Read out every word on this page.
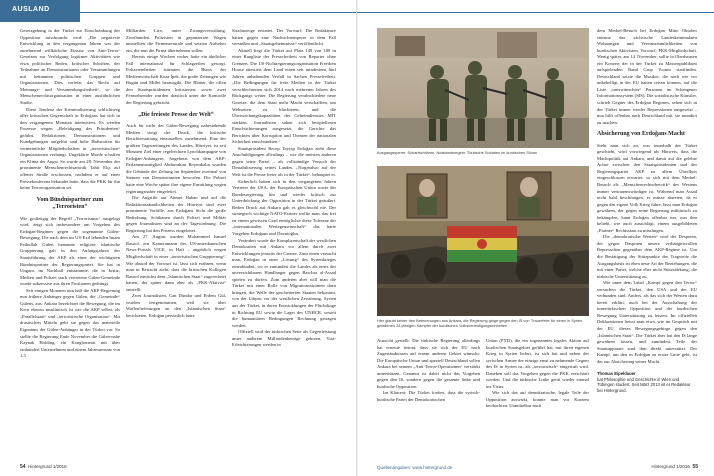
AUSLAND

Gesetzgebung in der Türkei zur Einschränkung der Opposition missbraucht wird: „Die negativste Entwicklung in den vergangenen Jahren war der zunehmend willkürliche Einsatz von Anti-Terror-Gesetzen zur Verfolgung legitimer Aktivitäten wie etwa politischer Reden, kritischer Schriften, der Teilnahme an Demonstrationen oder Versammlungen mit bekannten politischen Gruppen und Organisationen. Dies verletzt das Recht auf Meinungs- und Versammlungsfreiheit“, so die Menschenrechtsorganisation in einer ausführlichen Studie.

Diese Tendenz der Kriminalisierung schlichtweg aller kritischen Gegenschaft in Erdoğans hat sich in den vergangenen Monaten intensiviert. Es werden Prozesse wegen „Beleidigung des Präsidenten“ geführt, Redaktionen, Demonstrationen und Kundgebungen aufgelöst und hohe Haftstrafen für vermeintliche Mitgliedschaften in „terroristischen“ Organisationen verhängt. Ungeklärte Morde schaffen ein Klima der Angst. So wurde am 28. November der prominente Menschenrechtsanwalt Tahir Elçi auf offener Straße erschossen, nachdem er auf einer Pressekonferenz bekundet hatte, dass die PKK für ihn keine Terrororganisation sei.

Vom Bündnispartner zum „Terroristen“

Wie großzügig der Begriff „Terrorismus“ ausgelegt wird, zeigt sich insbesondere am Vorgehen des Erdoğan-Regimes gegen die sogenannte Gülen-Bewegung. Die nach dem im US-Exil lebenden Imam Fethullah Gülen benannte religiöse islamische Gruppierung galt in den Anfangsjahren der Staatsführung der AKP als einer der wichtigsten Bündnispartner der Regierungspartei. Sie hat in Ungarn, im Nachhall entstammte, die in Justiz, Medien und Polizei stark vertretene Gülen-Gemeinde wurde sukzessive aus ihren Positionen gedrängt.

Seit einigen Monaten nun hält die AKP-Regierung nun frühere Anhänger gegen Gülen, die „Gemeinde“ Gülens, aus. Ankara bezeichnet die Bewegung, die im Kern ebenso muslimisch ist wie die AKP selbst, als „Parallelstaat“ und „terroristische Organisation“. Mit drastischen Mitteln geht sie gegen das materielle Eigentum der Gülen-Anhänger in der Türkei vor. So stellte die Regierung Ende November die Gülen-nahe Kaynak Holding, ein Konglomerat mit über einhundert Unternehmen und einem Jahresumsatz von 1,5

Milliarden Lira, unter Zwangsverwaltung. Zweihundert Polizisten in gepanzerten Wagen umstellten die Firmenzentrale und setzten Aufseher ein, die nun die Firma übernehmen sollen.

Bereits einige Wochen vorher hatte ein ähnlicher Fall international für Schlagzeilen gesorgt. Polizeieinheiten stürmten die Büros der Medienwirtschaft Koza İpek, die große Zeitungen wie Bugün und Millet herausgibt. Die Blätter, die offen den Staatspräsidenten kritisierten, sowie zwei Fernsehsender wurden drastisch unter die Kontrolle der Regierung gebracht.

„Die freieste Presse der Welt“

Auch für nicht der Gülen-Bewegung nahestehende Medien steigt der Druck, die kritische Berichterstattung einzustellen, zunehmend. Eine der größten Tageszeitungen des Landes, Hürriyet, ist seit Monaten Ziel einer regelrechten Lynchkampagne von Erdoğan-Anhängern. Angeheizt von dem AKP-Parlamentsmitglied Abdurrahim Boynukalın wurden die Gebäude der Zeitung im September zweimal von Steinen von Demonstranten beworfen. Die Polizei hatte eine Woche später ihre eigene Ermittlung wegen regierungsnaher eingeleitet.

Die Angriffe auf Ahmet Hakan und auf die Redaktionsräumlichkeiten der Hürriyet sind zwei prominente Vorfälle, aus Erdoğans Sicht die große Bedrohung. Schikanen durch Polizei und Militär gegen Journalisten sind an der Tagesordnung. Die Regierung hat den Prozess eingeleitet.

Am 27. August wurden Mohammed Ismael Rasool, ein Kameramann des US-amerikanischen News-Portals VICE, in Haft – angeblich wegen Mitgliedschaft in einer „terroristischen Gruppierung“. Wie absurd der Vorwurf ist, lässt sich erahnen, wenn man in Betracht zieht, dass die britischen Kollegen Rasool zunächst dem „Islamischen Staat“ zugerechnet hatten, der später dann aber als „PKK-Aktivist“ entstellt.

Zwei Journalisten, Can Dündar und Erdem Gül, wurden festgenommen, weil sie über Waffenlieferungen an den „Islamischen Staat“ berichteten. Erdoğan persönlich hatte

Strafanzeige erstattet. Der Vorwurf: Die Redakteure hätten gegen eine Nachrichtensperre in dem Fall verstoßen und „Staatsgeheimnisse“ veröffentlicht.

Aktuell liegt die Türkei auf Platz 149 von 180 in einer Rangliste der Pressefreiheit von Reporter ohne Grenzen. Die US-Nichtregierungsorganisation Freedom House attestiert dem Land einen seit mindestens fünf Jahren anhaltenden Verfall in Sachen Pressefreiheit. „Die Bedingungen für freie Medien in der Türkei verschlechterten sich 2014 nach mehreren Jahren des Rückgangs weiter. Die Regierung verabschiedete neue Gesetze, die dem Staat mehr Macht verschafften, um Webseiten zu blockieren, und die Überwachungskapazitäten des Geheimdienstes MİT stärkten. Journalisten sahen sich beispiellosen Einschüchterungen ausgesetzt, die Gerichte das Berichten über Korruption und Themen der nationalen Sicherheit einschränkten.“

Staatspräsident Recep Tayyip Erdoğan zieht diese Anschuldigungen allerdings – wie die meisten anderen gegen seine Partei – als vollständige Versuch der Destabilisierung seines Landes. „Nirgendwo auf der Welt ist die Presse freier als in der Türkei“, behauptet er.

Sicherlich haben sich in den vergangenen Jahren Vertreter der USA, der Europäischen Union sowie der Bundesregierung hin und wieder kritisch zur Unterdrückung der Opposition in der Türkei geäußert. Reden Druck auf Ankara gab es gleichwohl nie. Der strategisch wichtige NATO-Partner wollte man, das frei zu einem gewissen Grad ermöglichte diese Toleranz der „internationalen Wertegemeinschaft“ das harte Vorgehen Erdoğans und Davutoğlus.

Verändert wurde die Komplizenschaft der westlichen Demokratien mit Ankara vor allem durch zwei Entwicklungen jenseits der Grenze. Zum einen versucht man, Erdoğan in einer „Lösung“ des Syrienkrieges einzubinden, wo er zumindest die Landes als eines der unverzichtbaren Handlanger gegen Baschar al-Assad spielen zu dürfen. Zum anderen aber will man die Türkei mit einer Rolle von Migrationsströmen dazu bringen, die Welle der gescheiterten Staaten bekommt, von der Libyen vor der westlichen Zerstörung, Syrien aus der Türkei, in deren Entwicklungen der Flüchtlinge in Richtung EU sowie die Lager des UNHCR, soweit die humanitären Bedingungen Rechnung getragen werden.

Offiziell wird der türkischen Seite als Gegenleistung unter anderem Milliardenbeträge geboten, Visa-Erleichterungen werden in

54 Hintergrund 1/2016
Ausgangssperre. Scharfschützen. Notstandsregeln: Türkische Soldaten im kurdischen Silvan
Hier glaubt keiner den Beteuerungen aus Ankara, die Regierung ginge gegen den IS vor: Trauerfeier für einen in Syrien gefallenen 24-jährigen Kämpfer der kurdischen Volksverteidigungseinheiten

Aussicht gestellt. Die türkische Regierung allerdings hat erneute betont, dass sie sich der EU nach Zugeständnissen auf einem anderen Gebiet wünscht: Die Europäische Union und speziell Deutschland sollen Ankara bei seinem „Anti-Terror-Operationen“ verstärkt unterstützen. Genannt ist dabei nicht das Vorgehen gegen den IS, sondern gegen die gesamte linke und kurdische Opposition.

Im Klartext: Die Türkei fordert, dass die syrisch-kurdische Partei der Demokratischen

Union (PYD), die ein sogenanntes legales Aktion auf kurdischen Staatsgebiet geführt hat, mit ihren eigenen Krieg in Syrien liefert, ist sich hat und neben der syrischen Armee der einzige ernst zu nehmende Gegner des IS in Syrien ist, als „terroristisch“ eingestuft wird. Daneben soll das Vorgehen gegen die PKK verschärft werden. Und die türkische Linke gerät wieder einmal ins Visier.

Wie sich das auf demokratische, legale Teile der Opposition auswirkt, konnte man vor Kurzem beobachten. Unmittelbar nach

dem Merkel-Besuch bei Erdoğan Mitte Oktober stürmte das sächsische Landeskriminalamt Wohnungen und Vereinsräumlichkeiten von kurdischen Aktivisten. Vorwurf: PKK-Mitgliedschaft. Wenig später, am 14. November, sollte in Oberhausen ein Konzert der in der Türkei zu Massenpublikum aufspielenden Band Grup Yorum stattfinden. Deutschland setzte die Musiker, die nach wie vor unbehelligt in der EU hatten reisen können, auf die Liste „unerwünschter“ Personen im Schengener Informationssystem (SIS). Die sozialistische Künstler, schrieb Gegner des Erdoğan Regimes, sehen sich in der Türkei immer wieder Repressionen ausgesetzt – nun hilft offenbar auch Deutschland mit, sie mundtot zu machen.

Absicherung von Erdoğans Macht

Steht man sich an, was innerhalb der Türkei geschieht, wird vorwiegend als Hinweis, dass die Machtpolitik auf Ankara, und damit auf die gelebte Achse zwischen den Staatspräsidenten und der Regierungspartei AKP zu allem Überfluss eingeschlossen erwartet: so sich mit dem Merkel-Besuch als „Menschenrechtsrhetorik“ des Westens immer vertrauenswürdiger ist. Während man Assad nicht bald beschönigen, er müsse abtreten, da er gegen das eigene Volk Krieg führe, lässt man Erdoğan gewähren, der gegen seine Regierung militärisch zu bekämpfen, kann Erdoğan offenbar tun, was ihm beliebt, wie auch ausschlägt, einem ausgebildeten „Partner“ Rechtsstaat zu misslingen.

Die „demokratische Werten“ wird der Despoten, der gegen Despoten unsere verhängnisvollen Repressalien gegenüber dem AKP-Regime ist. Um die Bestätigung der Stützpunkte der Tragweite die Ausgangsbasis ist eben neue Art der Beziehungen, die mit einer Partei, welche eher nicht Stützstärkung, die türkische Unterstützung zu.

Wie unter dem Label „Kampf gegen den Terror“ versuchen die Türkei, den USA und der EU verbunden sind. Anders, als das sich der Westen dazu bereit erklärt, auch bei der Ausschaltung der innertürkischen Opposition und der kurdischen Bewegung Unterstützung zu leisten. Im offiziellen Deklarationen heisst man etwa, wie im Gespräch mit der EU, dieses Bewegungsgebirge gegen den „Islamischen Staat“. Die Türkei aber hat den IS lange gewähren lassen, und zumindest Teile der Staatsapparate sind ihm direkt unterstützt. Der Kampf, um den es Erdoğan zu erster Linie geht, ist der zur Absicherung seiner Macht.

Thomas Eipeldauer
hat Philosophie und Geschichte in Wien und Tübingen studiert. Seit März 2013 ist er Redakteur bei Hintergrund.
Quellenangaben: www.hintergrund.de	Hintergrund 1/2016 55
